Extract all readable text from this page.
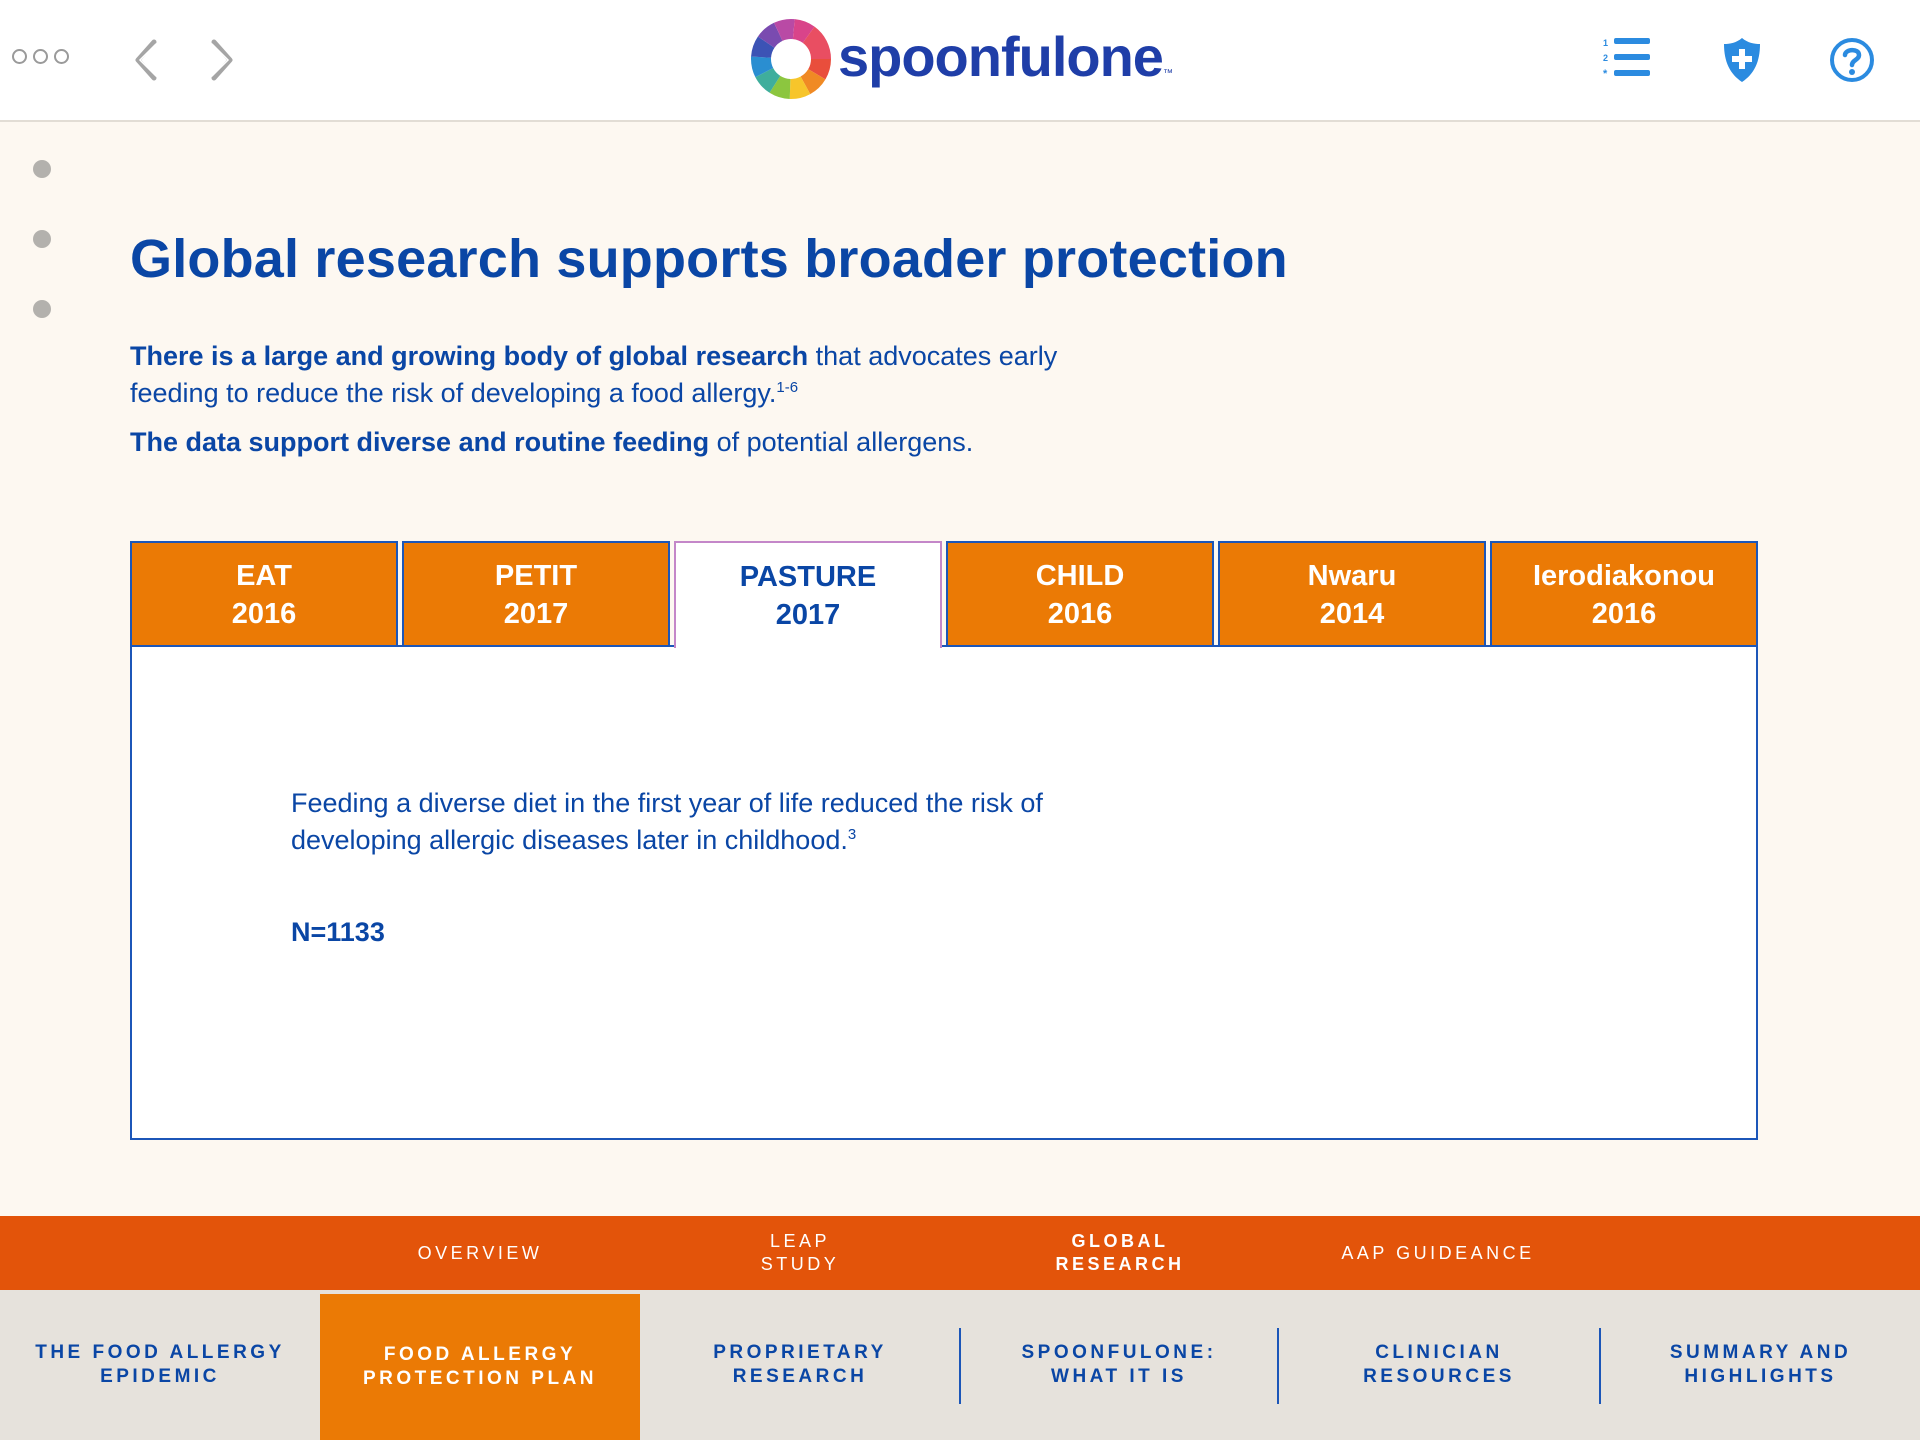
spoonfulone ™
1
2
*
Global research supports broader protection

There is a large and growing body of global research that advocates early feeding to reduce the risk of developing a food allergy.$^{1-6}$

The data support diverse and routine feeding of potential allergens.

EAT
2016
PETIT
2017
PASTURE
2017
CHILD
2016
Nwaru
2014
Ierodiakonou
2016

Feeding a diverse diet in the first year of life reduced the risk of developing allergic diseases later in childhood.$^3$

N=1133

OVERVIEW
LEAP
STUDY
GLOBAL
RESEARCH
AAP GUIDEANCE
THE FOOD ALLERGY
EPIDEMIC
FOOD ALLERGY
PROTECTION PLAN
PROPRIETARY
RESEARCH
SPOONFULONE:
WHAT IT IS
CLINICIAN
RESOURCES
SUMMARY AND
HIGHLIGHTS
